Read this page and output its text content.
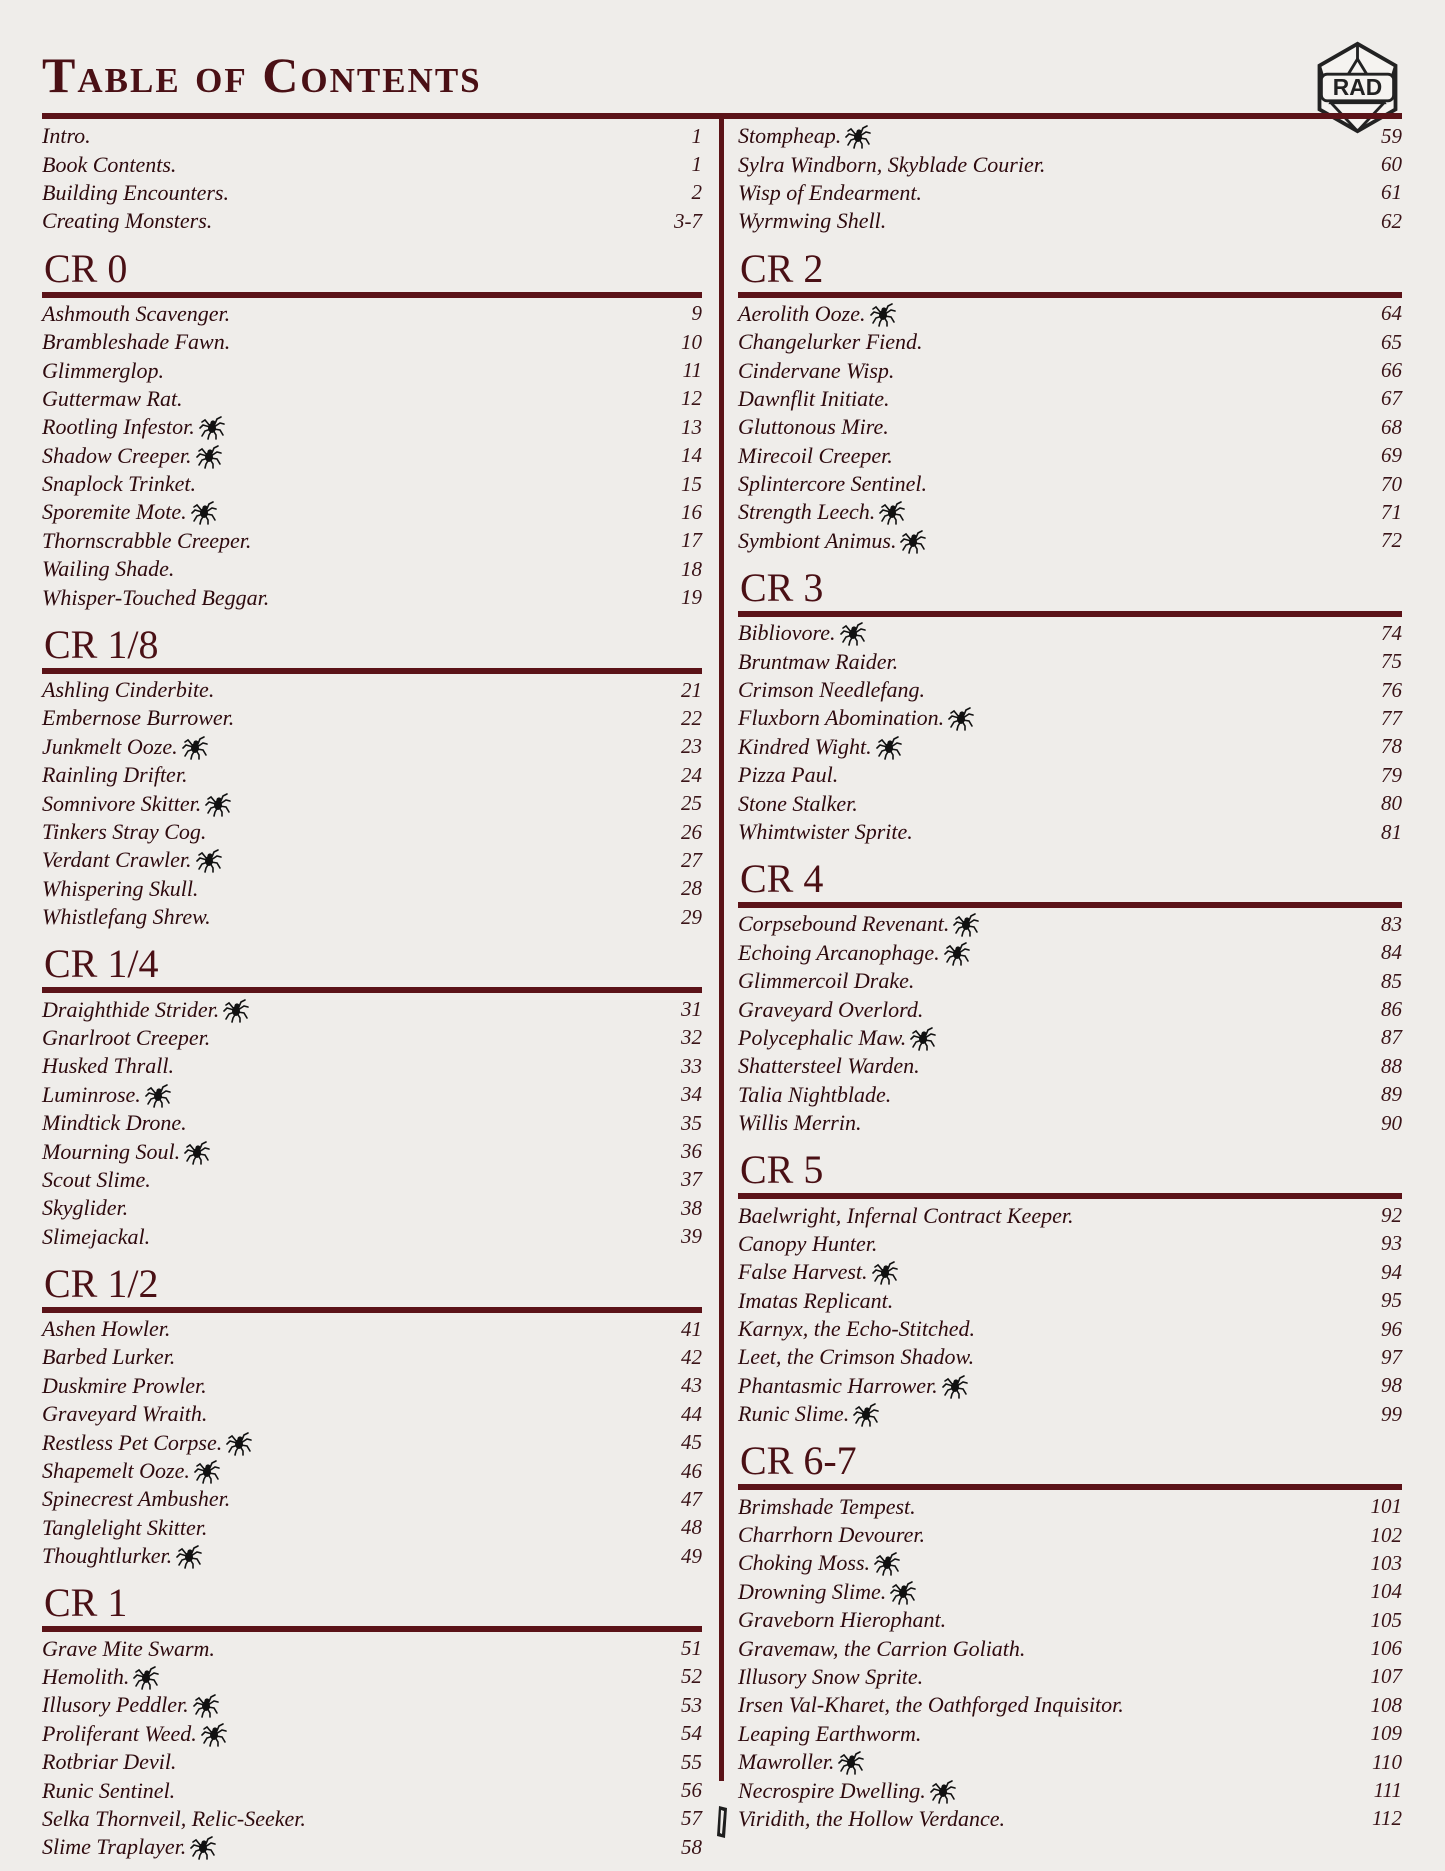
Table of Contents	RAD
Intro.	1
Book Contents.	1
Building Encounters.	2
Creating Monsters.	3-7
CR 0
Ashmouth Scavenger.	9
Brambleshade Fawn.	10
Glimmerglop.	11
Guttermaw Rat.	12
Rootling Infestor.	13
Shadow Creeper.	14
Snaplock Trinket.	15
Sporemite Mote.	16
Thornscrabble Creeper.	17
Wailing Shade.	18
Whisper-Touched Beggar.	19
CR 1/8
Ashling Cinderbite.	21
Embernose Burrower.	22
Junkmelt Ooze.	23
Rainling Drifter.	24
Somnivore Skitter.	25
Tinkers Stray Cog.	26
Verdant Crawler.	27
Whispering Skull.	28
Whistlefang Shrew.	29
CR 1/4
Draighthide Strider.	31
Gnarlroot Creeper.	32
Husked Thrall.	33
Luminrose.	34
Mindtick Drone.	35
Mourning Soul.	36
Scout Slime.	37
Skyglider.	38
Slimejackal.	39
CR 1/2
Ashen Howler.	41
Barbed Lurker.	42
Duskmire Prowler.	43
Graveyard Wraith.	44
Restless Pet Corpse.	45
Shapemelt Ooze.	46
Spinecrest Ambusher.	47
Tanglelight Skitter.	48
Thoughtlurker.	49
CR 1
Grave Mite Swarm.	51
Hemolith.	52
Illusory Peddler.	53
Proliferant Weed.	54
Rotbriar Devil.	55
Runic Sentinel.	56
Selka Thornveil, Relic-Seeker.	57
Slime Traplayer.	58
Stompheap.	59
Sylra Windborn, Skyblade Courier.	60
Wisp of Endearment.	61
Wyrmwing Shell.	62
CR 2
Aerolith Ooze.	64
Changelurker Fiend.	65
Cindervane Wisp.	66
Dawnflit Initiate.	67
Gluttonous Mire.	68
Mirecoil Creeper.	69
Splintercore Sentinel.	70
Strength Leech.	71
Symbiont Animus.	72
CR 3
Bibliovore.	74
Bruntmaw Raider.	75
Crimson Needlefang.	76
Fluxborn Abomination.	77
Kindred Wight.	78
Pizza Paul.	79
Stone Stalker.	80
Whimtwister Sprite.	81
CR 4
Corpsebound Revenant.	83
Echoing Arcanophage.	84
Glimmercoil Drake.	85
Graveyard Overlord.	86
Polycephalic Maw.	87
Shattersteel Warden.	88
Talia Nightblade.	89
Willis Merrin.	90
CR 5
Baelwright, Infernal Contract Keeper.	92
Canopy Hunter.	93
False Harvest.	94
Imatas Replicant.	95
Karnyx, the Echo-Stitched.	96
Leet, the Crimson Shadow.	97
Phantasmic Harrower.	98
Runic Slime.	99
CR 6-7
Brimshade Tempest.	101
Charrhorn Devourer.	102
Choking Moss.	103
Drowning Slime.	104
Graveborn Hierophant.	105
Gravemaw, the Carrion Goliath.	106
Illusory Snow Sprite.	107
Irsen Val-Kharet, the Oathforged Inquisitor.	108
Leaping Earthworm.	109
Mawroller.	110
Necrospire Dwelling.	111
Viridith, the Hollow Verdance.	112
